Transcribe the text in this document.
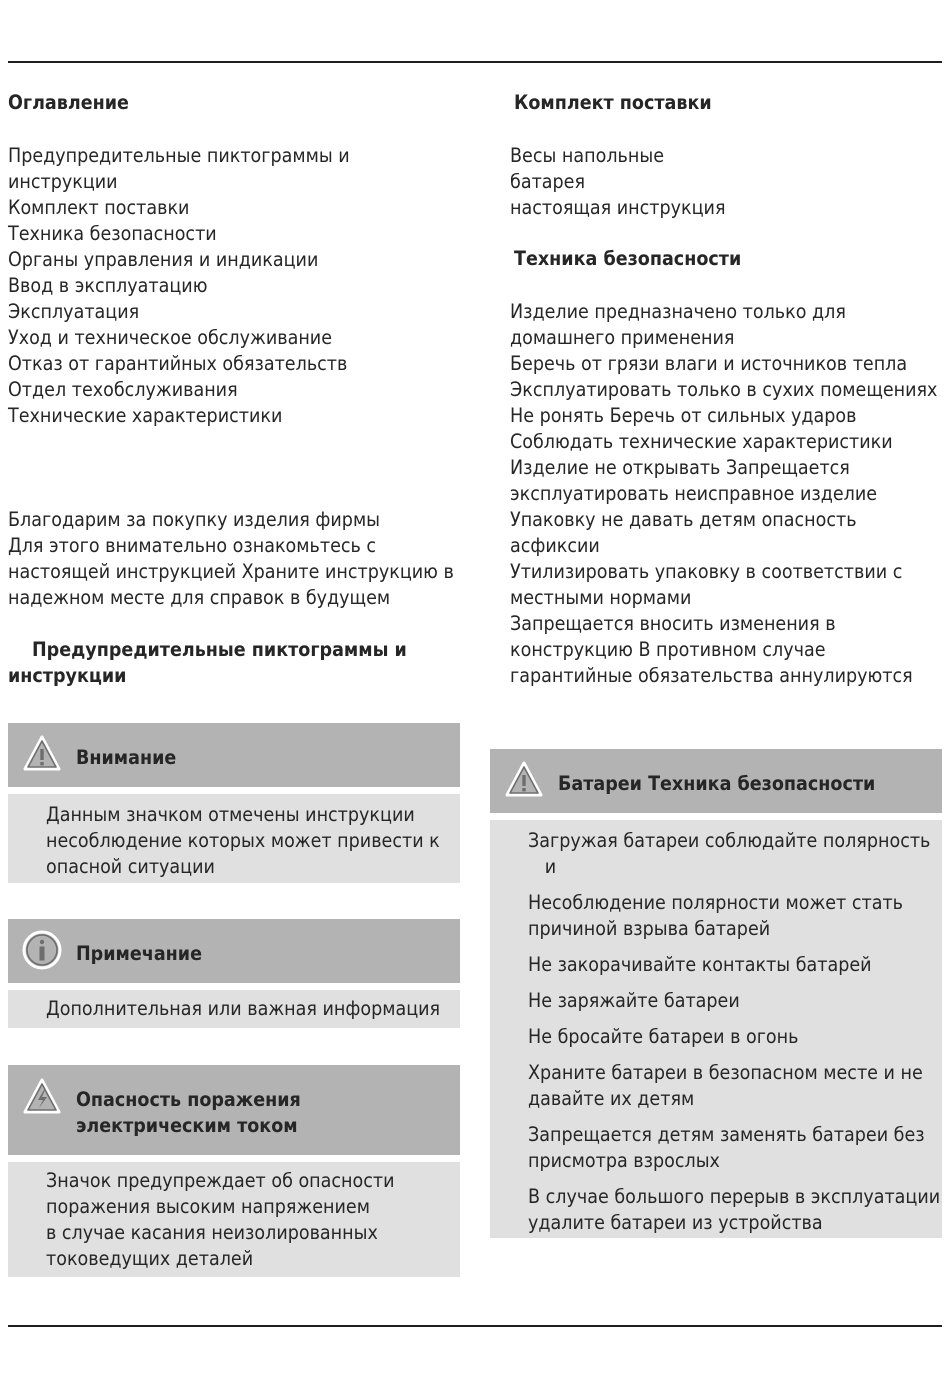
Оглавление
Предупредительные пиктограммы и
инструкции
Комплект поставки
Техника безопасности
Органы управления и индикации
Ввод в эксплуатацию
Эксплуатация
Уход и техническое обслуживание
Отказ от гарантийных обязательств
Отдел техобслуживания
Технические характеристики
Благодарим за покупку изделия фирмы
Для этого внимательно ознакомьтесь с
настоящей инструкцией Храните инструкцию в
надежном месте для справок в будущем
Предупредительные пиктограммы и
инструкции
Внимание
Данным значком отмечены инструкции
несоблюдение которых может привести к
опасной ситуации
Примечание
Дополнительная или важная информация
Опасность поражения
электрическим током
Значок предупреждает об опасности
поражения высоким напряжением
в случае касания неизолированных
токоведущих деталей
Комплект поставки
Весы напольные
батарея
настоящая инструкция
Техника безопасности
Изделие предназначено только для
домашнего применения
Беречь от грязи влаги и источников тепла
Эксплуатировать только в сухих помещениях
Не ронять Беречь от сильных ударов
Соблюдать технические характеристики
Изделие не открывать Запрещается
эксплуатировать неисправное изделие
Упаковку не давать детям опасность
асфиксии
Утилизировать упаковку в соответствии с
местными нормами
Запрещается вносить изменения в
конструкцию В противном случае
гарантийные обязательства аннулируются
Батареи Техника безопасности
Загружая батареи соблюдайте полярность
и
Несоблюдение полярности может стать
причиной взрыва батарей
Не закорачивайте контакты батарей
Не заряжайте батареи
Не бросайте батареи в огонь
Храните батареи в безопасном месте и не
давайте их детям
Запрещается детям заменять батареи без
присмотра взрослых
В случае большого перерыв в эксплуатации
удалите батареи из устройства
